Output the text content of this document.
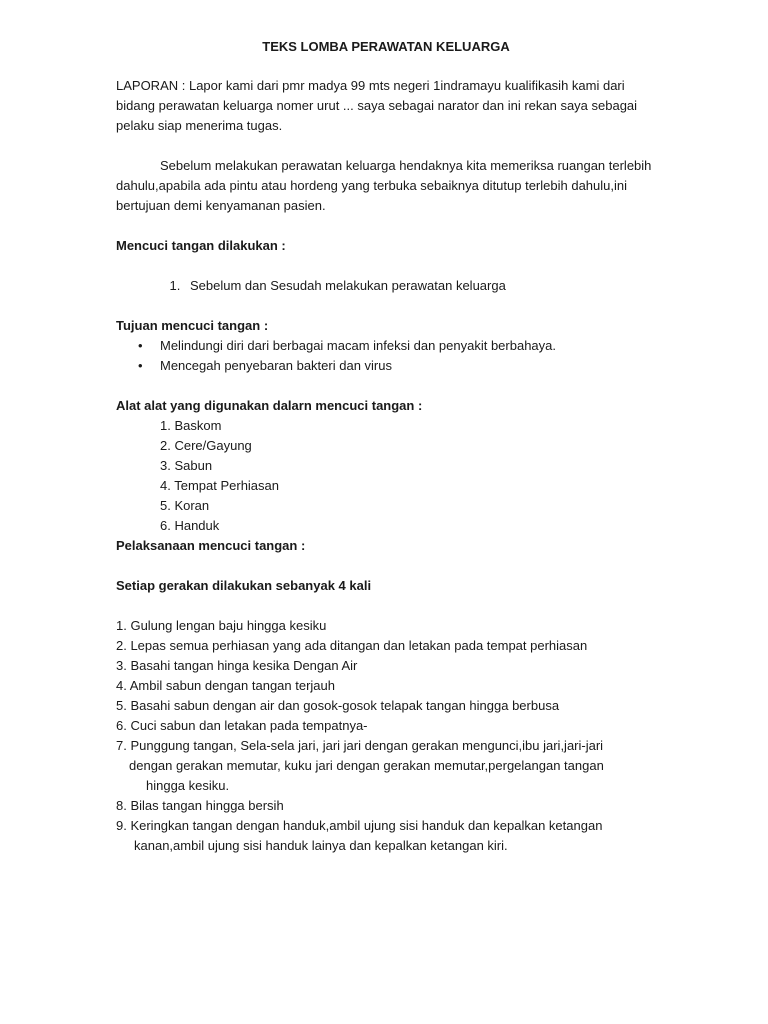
TEKS LOMBA PERAWATAN KELUARGA

LAPORAN : Lapor kami dari pmr madya 99 mts negeri 1indramayu kualifikasih kami dari

bidang perawatan keluarga nomer urut ... saya sebagai narator dan ini rekan saya sebagai

pelaku siap menerima tugas.

Sebelum melakukan perawatan keluarga hendaknya kita memeriksa ruangan terlebih

dahulu,apabila ada pintu atau hordeng yang terbuka sebaiknya ditutup terlebih dahulu,ini

bertujuan demi kenyamanan pasien.

Mencuci tangan dilakukan :

1. Sebelum dan Sesudah melakukan perawatan keluarga

Tujuan mencuci tangan :

• Melindungi diri dari berbagai macam infeksi dan penyakit berbahaya.
• Mencegah penyebaran bakteri dan virus

Alat alat yang digunakan dalarn mencuci tangan :

1. Baskom

2. Cere/Gayung

3. Sabun

4. Tempat Perhiasan

5. Koran

6. Handuk

Pelaksanaan mencuci tangan :

Setiap gerakan dilakukan sebanyak 4 kali

1. Gulung lengan baju hingga kesiku

2. Lepas semua perhiasan yang ada ditangan dan letakan pada tempat perhiasan

3. Basahi tangan hinga kesika Dengan Air

4. Ambil sabun dengan tangan terjauh

5. Basahi sabun dengan air dan gosok-gosok telapak tangan hingga berbusa

6. Cuci sabun dan letakan pada tempatnya-

7. Punggung tangan, Sela-sela jari, jari jari dengan gerakan mengunci,ibu jari,jari-jari

dengan gerakan memutar, kuku jari dengan gerakan memutar,pergelangan tangan

hingga kesiku.

8. Bilas tangan hingga bersih

9. Keringkan tangan dengan handuk,ambil ujung sisi handuk dan kepalkan ketangan

kanan,ambil ujung sisi handuk lainya dan kepalkan ketangan kiri.
